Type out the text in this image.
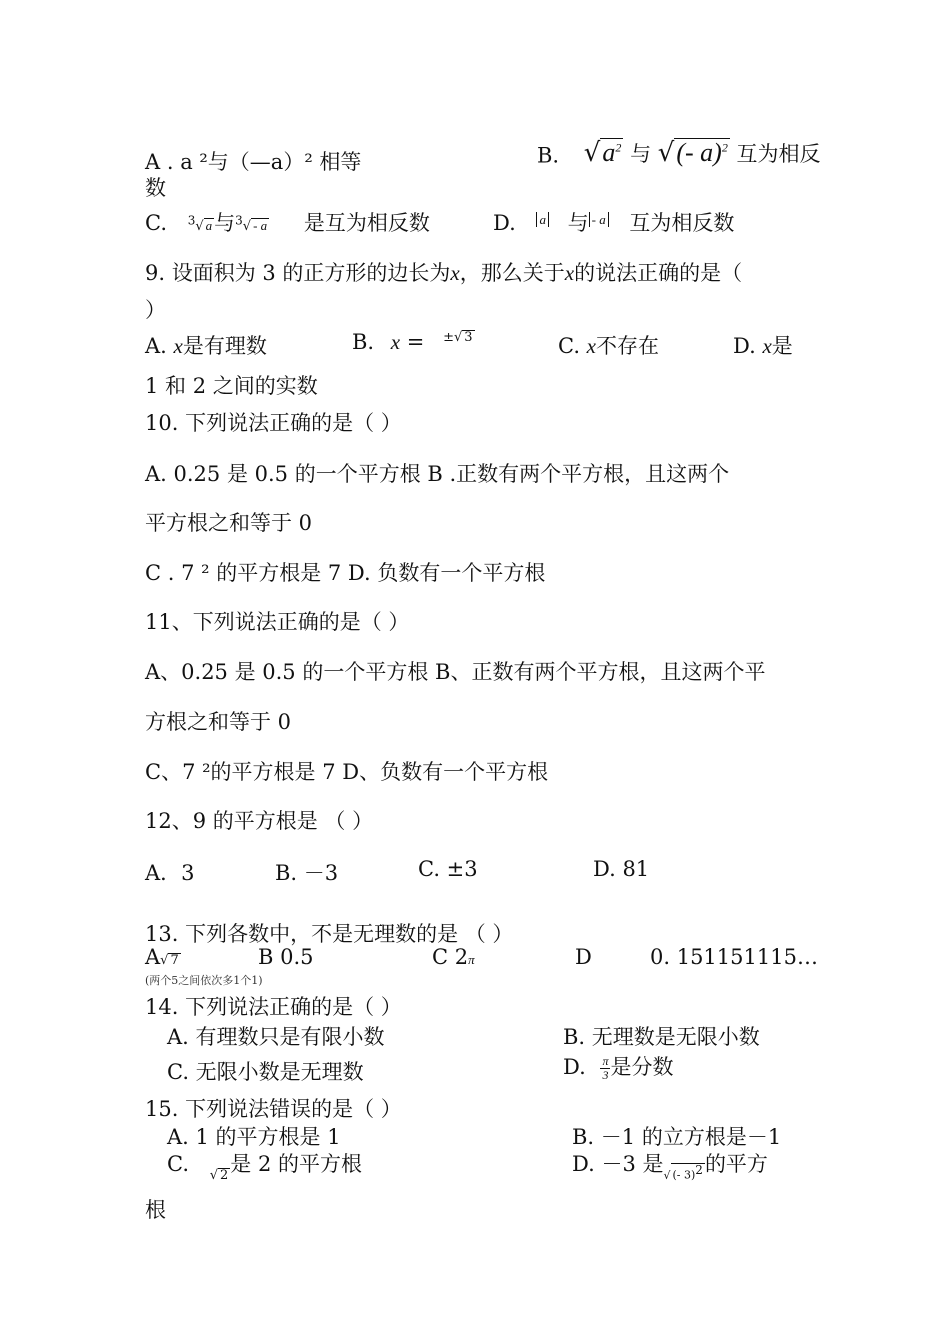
A . a ²与（—a）² 相等	B. $√a^2$ 与 √(- a)$^2$ 互为相反
数
C. $^3$√ a与$^3$√ - a 是互为相反数	D. $^a$ 与 $^{- a}$ 互为相反数
9. 设面积为 3 的正方形的边长为x，那么关于x的说法正确的是（
）
A. x是有理数	B. x = $^{\pm√ 3}$	C. x不存在	D. x是
1 和 2 之间的实数
10. 下列说法正确的是（ ）
A. 0.25 是 0.5 的一个平方根 B .正数有两个平方根，且这两个
平方根之和等于 0
C . 7 ² 的平方根是 7 D. 负数有一个平方根
11、下列说法正确的是（ ）
A、0.25 是 0.5 的一个平方根 B、正数有两个平方根，且这两个平
方根之和等于 0
C、7 ²的平方根是 7 D、负数有一个平方根
12、9 的平方根是 （ ）
A．3	B. －3	C. ±3	D. 81
13. 下列各数中，不是无理数的是 （ ）
A√ 7	B 0.5	C 2π	D	0. 151151115…
(两个5之间依次多1个1)
14. 下列说法正确的是（ ）
A. 有理数只是有限小数	B. 无理数是无限小数
C. 无限小数是无理数	D. $\frac{\pi}{3}$ 是分数
15. 下列说法错误的是（ ）
A. 1 的平方根是 1	B. －1 的立方根是－1
C. $_{√ 2}$是 2 的平方根	D. －3 是$_{√ (- 3)^2}$的平方
根
